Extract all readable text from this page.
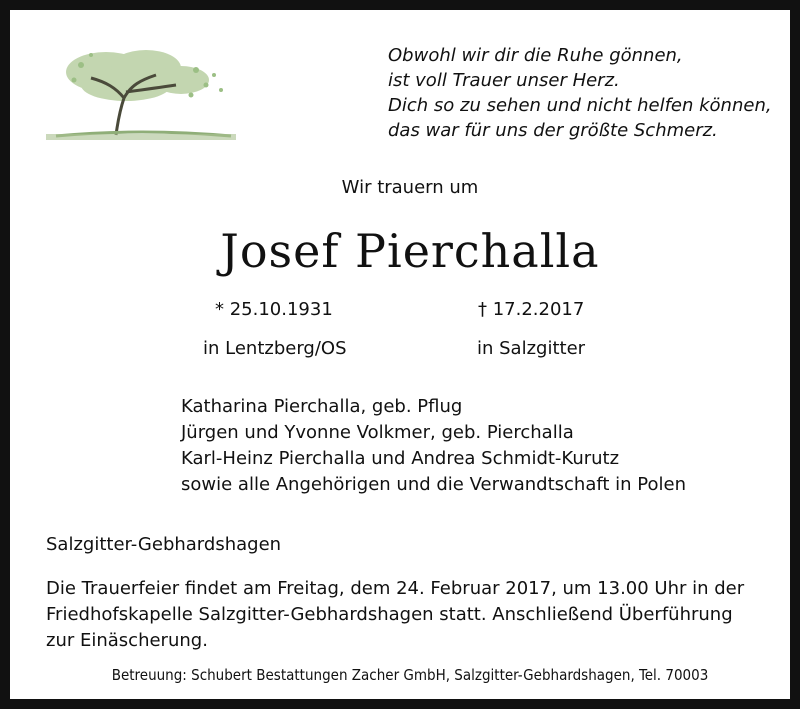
Obwohl wir dir die Ruhe gönnen,
ist voll Trauer unser Herz.
Dich so zu sehen und nicht helfen können,
das war für uns der größte Schmerz.
Wir trauern um
Josef Pierchalla
* 25.10.1931	† 17.2.2017
in Lentzberg/OS	in Salzgitter
Katharina Pierchalla, geb. Pflug
Jürgen und Yvonne Volkmer, geb. Pierchalla
Karl-Heinz Pierchalla und Andrea Schmidt-Kurutz
sowie alle Angehörigen und die Verwandtschaft in Polen
Salzgitter-Gebhardshagen
Die Trauerfeier findet am Freitag, dem 24. Februar 2017, um 13.00 Uhr in der
Friedhofskapelle Salzgitter-Gebhardshagen statt. Anschließend Überführung
zur Einäscherung.
Betreuung: Schubert Bestattungen Zacher GmbH, Salzgitter-Gebhardshagen, Tel. 70003
